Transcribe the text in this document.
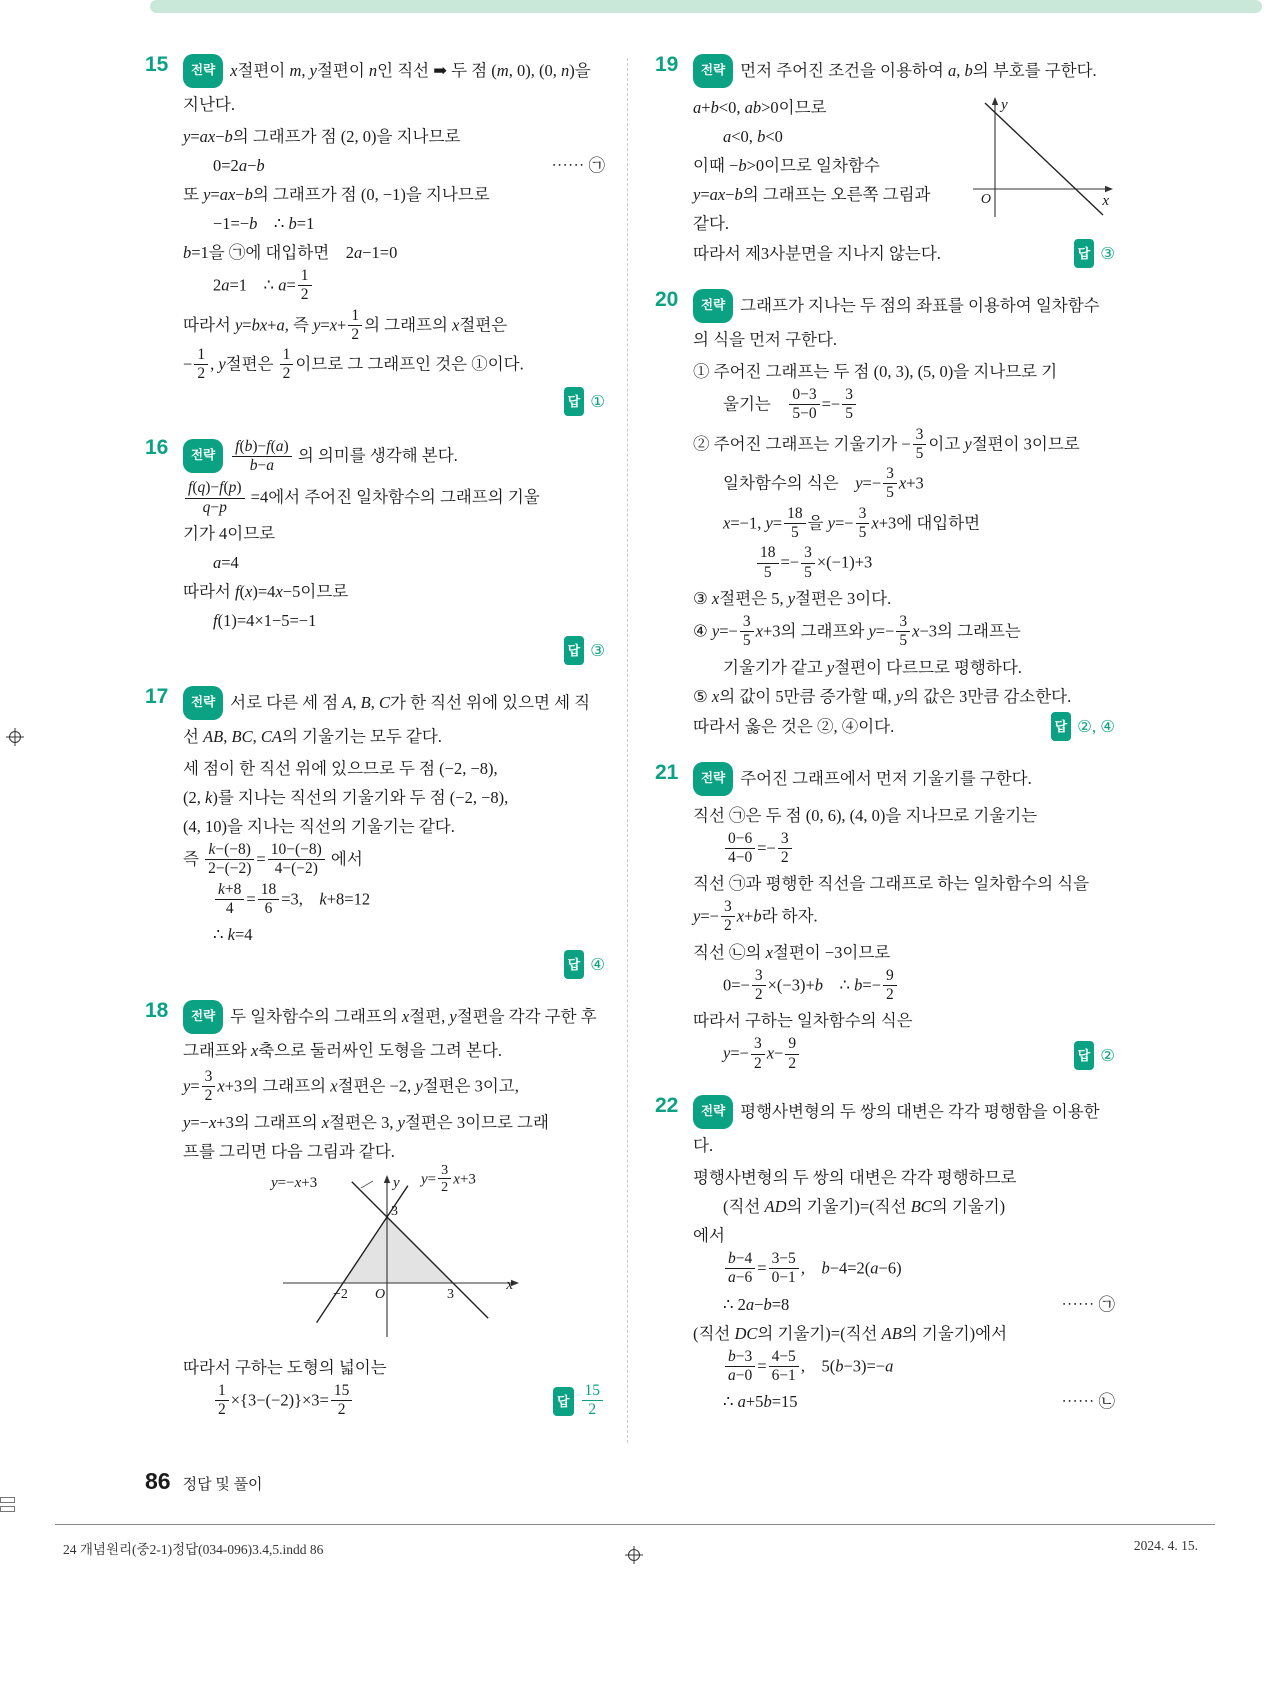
15	전략 x절편이 m, y절편이 n인 직선 ➡ 두 점 (m, 0), (0, n)을 지난다.
y=ax−b의 그래프가 점 (2, 0)을 지나므로
0=2a−b	⋯⋯ ㉠
또 y=ax−b의 그래프가 점 (0, −1)을 지나므로
−1=−b    ∴ b=1
b=1을 ㉠에 대입하면    2a−1=0
2a=1    ∴ $a= \frac{1}{2}$
따라서 y=bx+a, 즉 $y=x+ \frac{1}{2}$ 의 그래프의 x절편은
− $\frac{1}{2}$ , y절편은 $\frac{1}{2}$ 이므로 그 그래프인 것은 ①이다.
답 ①
16	전략 $\frac{f(b)-f(a)}{b-a}$ 의 의미를 생각해 본다.
$\frac{f(q)-f(p)}{q-p} =4$에서 주어진 일차함수의 그래프의 기울
기가 4이므로
a=4
따라서 f(x)=4x−5이므로
f(1)=4×1−5=−1
답 ③
17	전략 서로 다른 세 점 A, B, C가 한 직선 위에 있으면 세 직선 AB, BC, CA의 기울기는 모두 같다.
세 점이 한 직선 위에 있으므로 두 점 (−2, −8),
(2, k)를 지나는 직선의 기울기와 두 점 (−2, −8),
(4, 10)을 지나는 직선의 기울기는 같다.
즉 $\frac{k-(-8)}{2-(-2)} = \frac{10-(-8)}{4-(-2)}$ 에서
$\frac{k+8}{4} = \frac{18}{6} =3$,    k+8=12
∴ k=4
답 ④
18	전략 두 일차함수의 그래프의 x절편, y절편을 각각 구한 후 그래프와 x축으로 둘러싸인 도형을 그려 본다.
$y= \frac{3}{2} x+3$의 그래프의 x절편은 −2, y절편은 3이고,
y=−x+3의 그래프의 x절편은 3, y절편은 3이므로 그래
프를 그리면 다음 그림과 같다.
y=−x+3	$y= \frac{3}{2} x+3$
−2 O	3
3
x
y
따라서 구하는 도형의 넓이는
$\frac{1}{2} \times\{3-(-2)\}\times 3= \frac{15}{2}$	답 $\frac{15}{2}$
19	전략 먼저 주어진 조건을 이용하여 a, b의 부호를 구한다.
O	x
y
a+b<0, ab>0이므로
a<0, b<0
이때 −b>0이므로 일차함수
y=ax−b의 그래프는 오른쪽 그림과
같다.
따라서 제3사분면을 지나지 않는다.	답 ③
20	전략 그래프가 지나는 두 점의 좌표를 이용하여 일차함수의 식을 먼저 구한다.
① 주어진 그래프는 두 점 (0, 3), (5, 0)을 지나므로 기
울기는 $\frac{0-3}{5-0} =- \frac{3}{5}$
② 주어진 그래프는 기울기가 − $\frac{3}{5}$ 이고 y절편이 3이므로
일차함수의 식은    $y=- \frac{3}{5} x+3$
x=−1, $y= \frac{18}{5}$ 을 $y=- \frac{3}{5} x+3$에 대입하면
$\frac{18}{5} =- \frac{3}{5} \times(-1)+3$
③ x절편은 5, y절편은 3이다.
④ $y=- \frac{3}{5} x+3$의 그래프와 $y=- \frac{3}{5} x-3$의 그래프는
기울기가 같고 y절편이 다르므로 평행하다.
⑤ x의 값이 5만큼 증가할 때, y의 값은 3만큼 감소한다.
따라서 옳은 것은 ②, ④이다.	답 ②, ④
21	전략 주어진 그래프에서 먼저 기울기를 구한다.
직선 ㉠은 두 점 (0, 6), (4, 0)을 지나므로 기울기는
$\frac{0-6}{4-0} =- \frac{3}{2}$
직선 ㉠과 평행한 직선을 그래프로 하는 일차함수의 식을
$y=- \frac{3}{2} x+b$라 하자.
직선 ㉡의 x절편이 −3이므로
$0=- \frac{3}{2} \times(-3)+b$    ∴ $b=- \frac{9}{2}$
따라서 구하는 일차함수의 식은
$y=- \frac{3}{2} x- \frac{9}{2}$	답 ②
22	전략 평행사변형의 두 쌍의 대변은 각각 평행함을 이용한다.
평행사변형의 두 쌍의 대변은 각각 평행하므로
(직선 AD의 기울기)=(직선 BC의 기울기)
에서
$\frac{b-4}{a-6} = \frac{3-5}{0-1}$ ,    b−4=2(a−6)
∴ 2a−b=8	⋯⋯ ㉠
(직선 DC의 기울기)=(직선 AB의 기울기)에서
$\frac{b-3}{a-0} = \frac{4-5}{6-1}$ ,    5(b−3)=−a
∴ a+5b=15	⋯⋯ ㉡
86 정답 및 풀이
24 개념원리(중2-1)정답(034-096)3.4,5.indd 86	2024. 4. 15.
